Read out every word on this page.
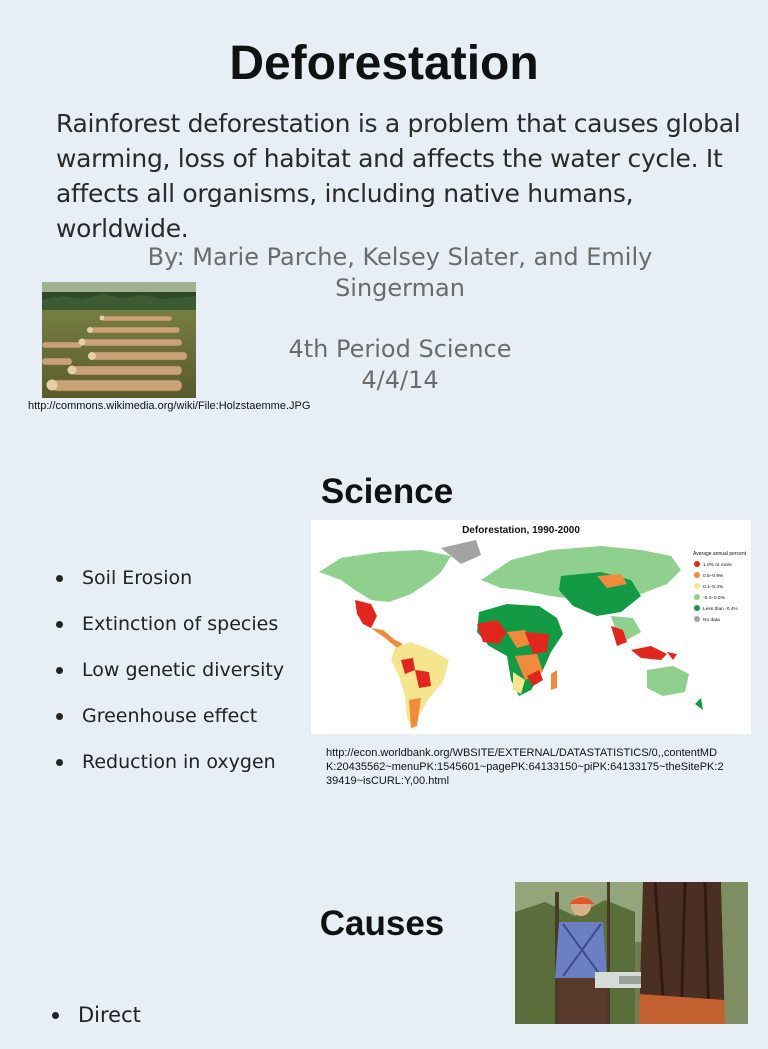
Deforestation
Rainforest deforestation is a problem that causes global warming, loss of habitat and affects the water cycle. It affects all organisms, including native humans, worldwide.
By: Marie Parche, Kelsey Slater, and Emily Singerman
4th Period Science
4/4/14
http://commons.wikimedia.org/wiki/File:Holzstaemme.JPG
Science
Soil Erosion
Extinction of species
Low genetic diversity
Greenhouse effect
Reduction in oxygen
Deforestation, 1990-2000
Average annual percent
1.0% or more
0.5–0.9%
0.1–0.4%
-0.4–0.0%
Less than -0.4%
No data
http://econ.worldbank.org/WBSITE/EXTERNAL/DATASTATISTICS/0,,contentMDK:20435562~menuPK:1545601~pagePK:64133150~piPK:64133175~theSitePK:239419~isCURL:Y,00.html
Causes
Direct
